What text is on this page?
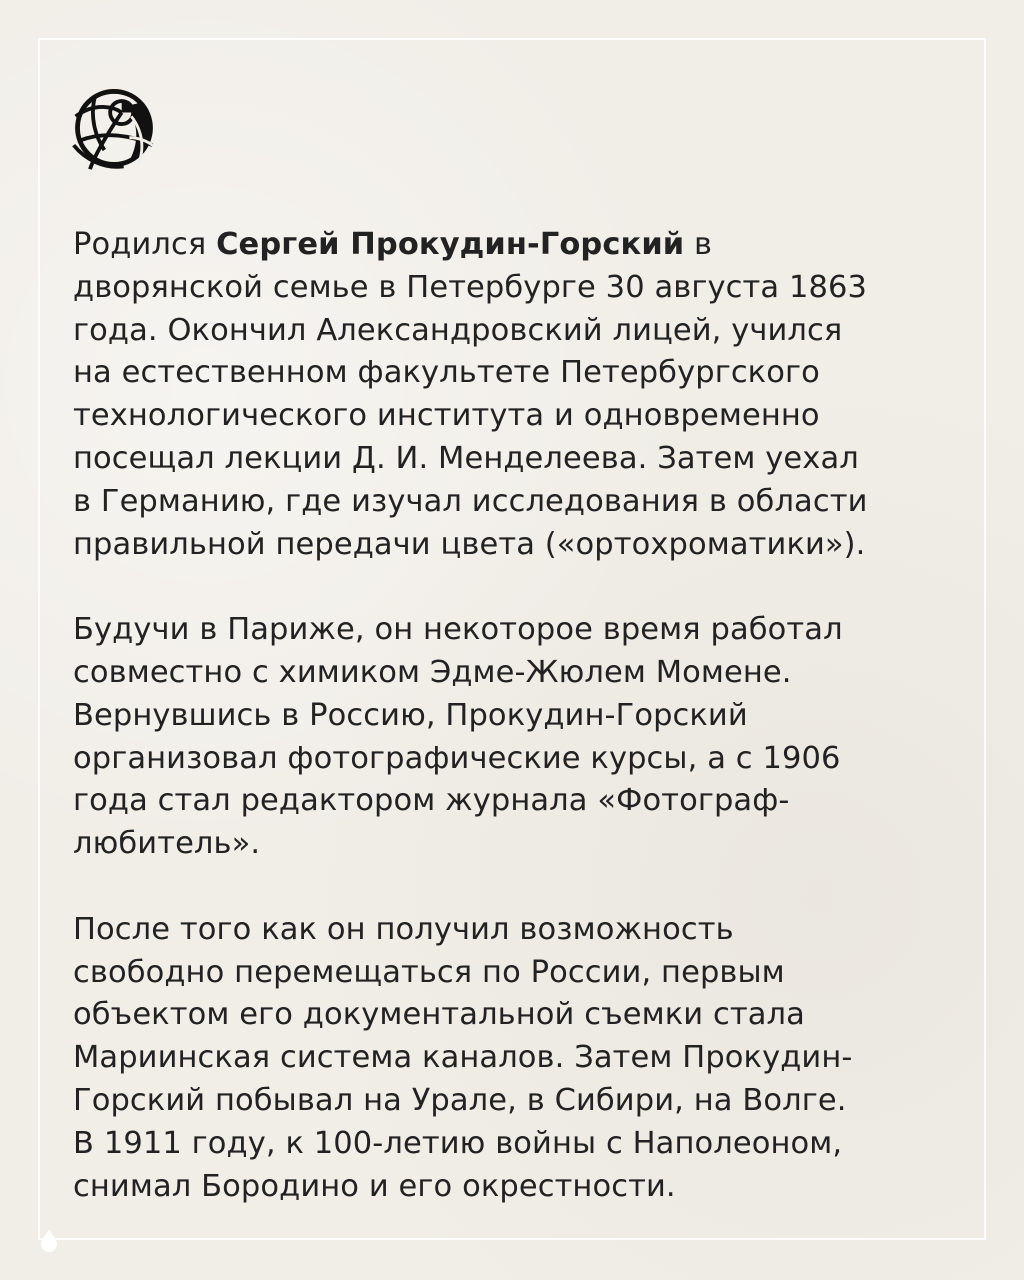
Родился Сергей Прокудин-Горский в
дворянской семье в Петербурге 30 августа 1863
года. Окончил Александровский лицей, учился
на естественном факультете Петербургского
технологического института и одновременно
посещал лекции Д. И. Менделеева. Затем уехал
в Германию, где изучал исследования в области
правильной передачи цвета («ортохроматики»).
Будучи в Париже, он некоторое время работал
совместно с химиком Эдме-Жюлем Момене.
Вернувшись в Россию, Прокудин-Горский
организовал фотографические курсы, а с 1906
года стал редактором журнала «Фотограф-
любитель».
После того как он получил возможность
свободно перемещаться по России, первым
объектом его документальной съемки стала
Мариинская система каналов. Затем Прокудин-
Горский побывал на Урале, в Сибири, на Волге.
В 1911 году, к 100-летию войны с Наполеоном,
снимал Бородино и его окрестности.
